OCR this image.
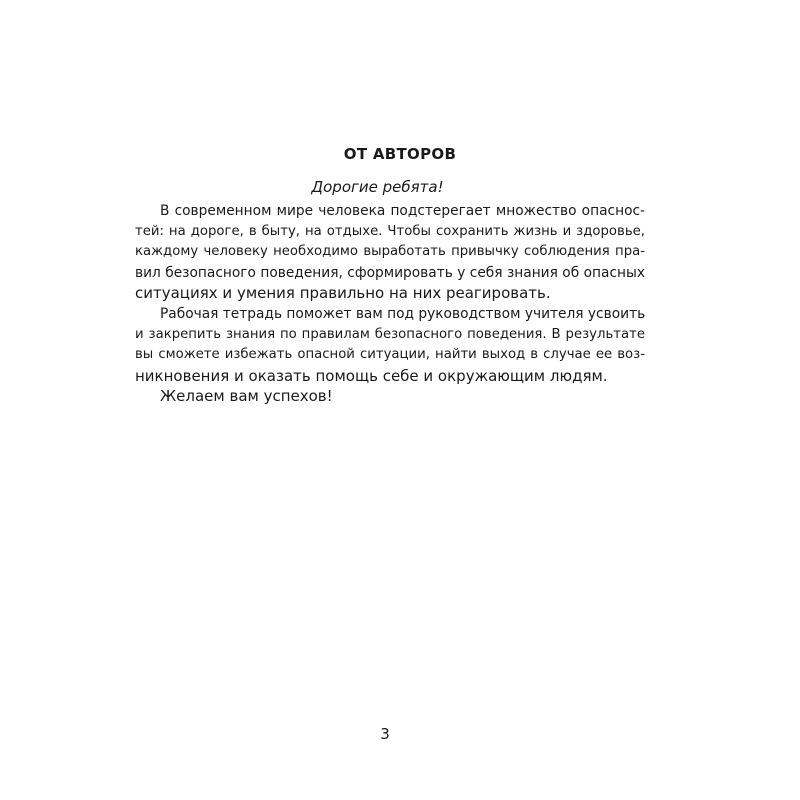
ОТ АВТОРОВ
Дорогие ребята!
В современном мире человека подстерегает множество опаснос-
тей: на дороге, в быту, на отдыхе. Чтобы сохранить жизнь и здоровье,
каждому человеку необходимо выработать привычку соблюдения пра-
вил безопасного поведения, сформировать у себя знания об опасных
ситуациях и умения правильно на них реагировать.
Рабочая тетрадь поможет вам под руководством учителя усвоить
и закрепить знания по правилам безопасного поведения. В результате
вы сможете избежать опасной ситуации, найти выход в случае ее воз-
никновения и оказать помощь себе и окружающим людям.
Желаем вам успехов!
3
